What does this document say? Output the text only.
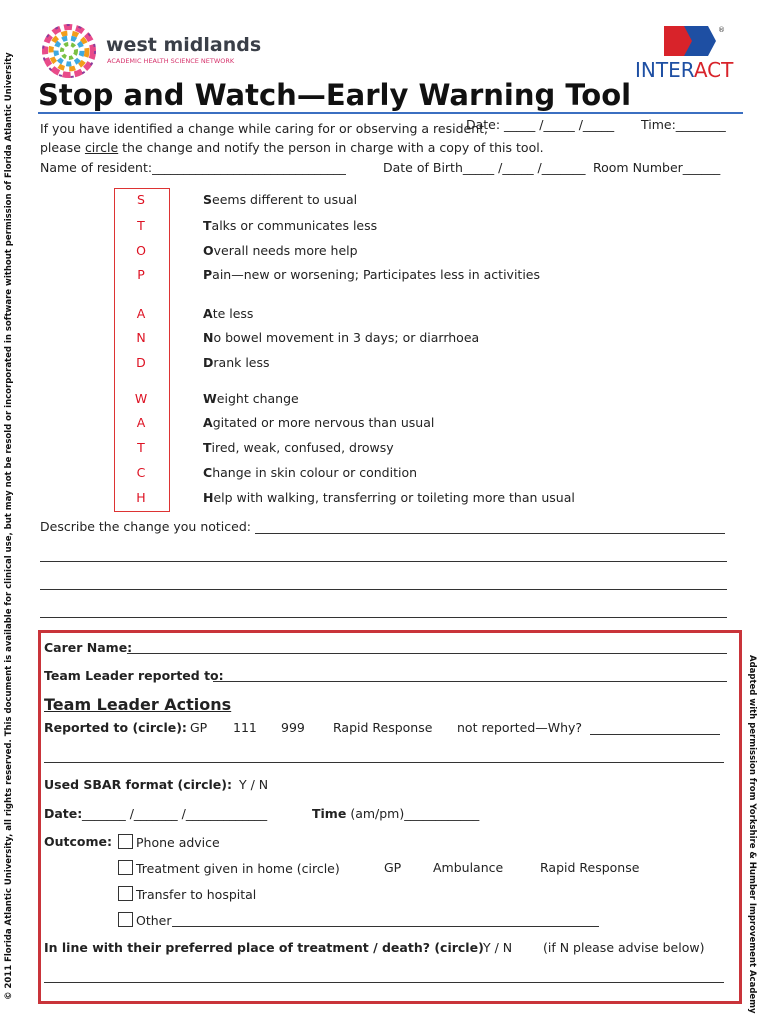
© 2011 Florida Atlantic University, all rights reserved. This document is available for clinical use, but may not be resold or incorporated in software without permission of Florida Atlantic University	Adapted with permission from Yorkshire & Humber Improvement Academy
west midlands
ACADEMIC HEALTH SCIENCE NETWORK
®
INTERACT
Stop and Watch—Early Warning Tool
If you have identified a change while caring for or observing a resident,
Date: _____ /_____ /_____ Time:________
please circle the change and notify the person in charge with a copy of this tool.
Name of resident:_______________________________	Date of Birth_____ /_____ /_______ Room Number______
S	Seems different to usual
T	Talks or communicates less
O	Overall needs more help
P	Pain—new or worsening; Participates less in activities
A	Ate less
N	No bowel movement in 3 days; or diarrhoea
D	Drank less
W	Weight change
A	Agitated or more nervous than usual
T	Tired, weak, confused, drowsy
C	Change in skin colour or condition
H	Help with walking, transferring or toileting more than usual
Describe the change you noticed:
Carer Name:
Team Leader reported to:
Team Leader Actions
Reported to (circle): GP 111 999 Rapid Response not reported—Why?
Used SBAR format (circle): Y / N
Date: _______ /_______ /_____________	Time (am/pm)____________
Outcome:	Phone advice
Treatment given in home (circle)	GP	Ambulance	Rapid Response
Transfer to hospital
Other
In line with their preferred place of treatment / death? (circle) Y / N (if N please advise below)
